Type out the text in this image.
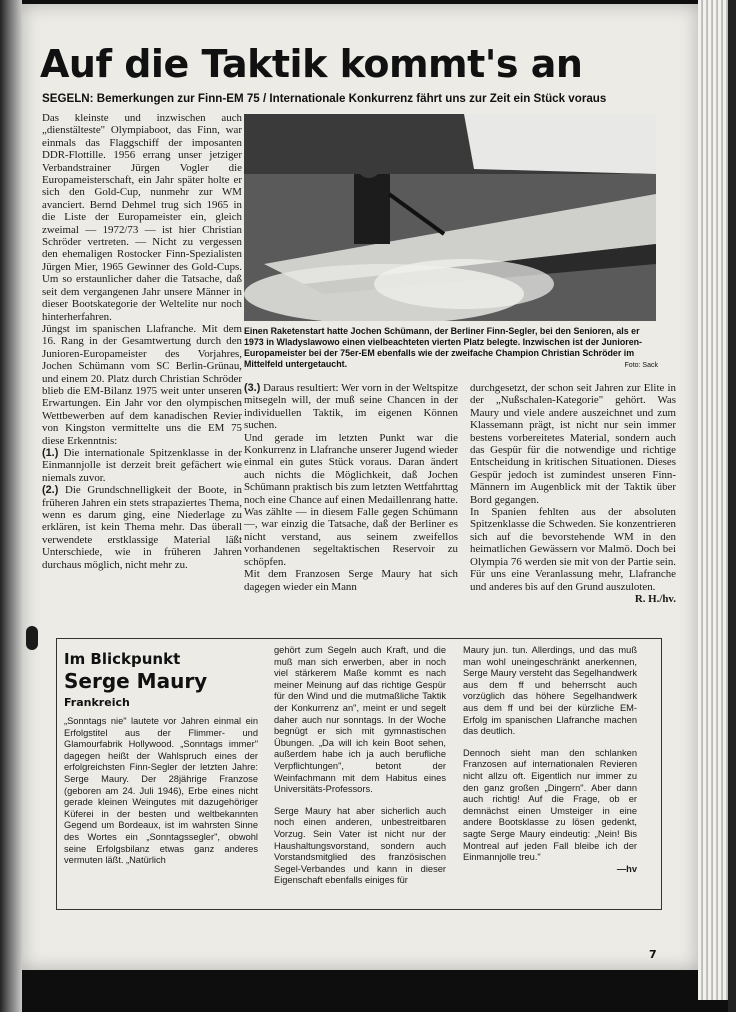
Auf die Taktik kommt's an
SEGELN: Bemerkungen zur Finn-EM 75 / Internationale Konkurrenz fährt uns zur Zeit ein Stück voraus

Das kleinste und inzwischen auch „dienstälteste" Olympiaboot, das Finn, war einmals das Flaggschiff der imposanten DDR-Flottille. 1956 errang unser jetziger Verbandstrainer Jürgen Vogler die Europameisterschaft, ein Jahr später holte er sich den Gold-Cup, nunmehr zur WM avanciert. Bernd Dehmel trug sich 1965 in die Liste der Europameister ein, gleich zweimal — 1972/73 — ist hier Christian Schröder vertreten. — Nicht zu vergessen den ehemaligen Rostocker Finn-Spezialisten Jürgen Mier, 1965 Gewinner des Gold-Cups. Um so erstaunlicher daher die Tatsache, daß seit dem vergangenen Jahr unsere Männer in dieser Bootskategorie der Weltelite nur noch hinterherfahren.

Jüngst im spanischen Llafranche. Mit dem 16. Rang in der Gesamtwertung durch den Junioren-Europameister des Vorjahres, Jochen Schümann vom SC Berlin-Grünau, und einem 20. Platz durch Christian Schröder blieb die EM-Bilanz 1975 weit unter unseren Erwartungen. Ein Jahr vor den olympischen Wettbewerben auf dem kanadischen Revier von Kingston vermittelte uns die EM 75 diese Erkenntnis:

(1.) Die internationale Spitzenklasse in der Einmannjolle ist derzeit breit gefächert wie niemals zuvor.

(2.) Die Grundschnelligkeit der Boote, in früheren Jahren ein stets strapaziertes Thema, wenn es darum ging, eine Niederlage zu erklären, ist kein Thema mehr. Das überall verwendete erstklassige Material läßt Unterschiede, wie in früheren Jahren durchaus möglich, nicht mehr zu.

Einen Raketenstart hatte Jochen Schümann, der Berliner Finn-Segler, bei den Senioren, als er 1973 in Wladyslawowo einen vielbeachteten vierten Platz belegte. Inzwischen ist der Junioren-Europameister bei der 75er-EM ebenfalls wie der zweifache Champion Christian Schröder im Mittelfeld untergetaucht.	Foto: Sack

(3.) Daraus resultiert: Wer vorn in der Weltspitze mitsegeln will, der muß seine Chancen in der individuellen Taktik, im eigenen Können suchen.

Und gerade im letzten Punkt war die Konkurrenz in Llafranche unserer Jugend wieder einmal ein gutes Stück voraus. Daran ändert auch nichts die Möglichkeit, daß Jochen Schümann praktisch bis zum letzten Wettfahrttag noch eine Chance auf einen Medaillenrang hatte. Was zählte — in diesem Falle gegen Schümann —, war einzig die Tatsache, daß der Berliner es nicht verstand, aus seinem zweifellos vorhandenen segeltaktischen Reservoir zu schöpfen.

Mit dem Franzosen Serge Maury hat sich dagegen wieder ein Mann

durchgesetzt, der schon seit Jahren zur Elite in der „Nußschalen-Kategorie" gehört. Was Maury und viele andere auszeichnet und zum Klassemann prägt, ist nicht nur sein immer bestens vorbereitetes Material, sondern auch das Gespür für die notwendige und richtige Entscheidung in kritischen Situationen. Dieses Gespür jedoch ist zumindest unseren Finn-Männern im Augenblick mit der Taktik über Bord gegangen.

In Spanien fehlten aus der absoluten Spitzenklasse die Schweden. Sie konzentrieren sich auf die bevorstehende WM in den heimatlichen Gewässern vor Malmö. Doch bei Olympia 76 werden sie mit von der Partie sein. Für uns eine Veranlassung mehr, Llafranche und anderes bis auf den Grund auszuloten.

R. H./hv.

Im Blickpunkt
Serge Maury
Frankreich

„Sonntags nie" lautete vor Jahren einmal ein Erfolgstitel aus der Flimmer- und Glamourfabrik Hollywood. „Sonntags immer" dagegen heißt der Wahlspruch eines der erfolgreichsten Finn-Segler der letzten Jahre: Serge Maury. Der 28jährige Franzose (geboren am 24. Juli 1946), Erbe eines nicht gerade kleinen Weingutes mit dazugehöriger Küferei in der besten und weltbekannten Gegend um Bordeaux, ist im wahrsten Sinne des Wortes ein „Sonntagssegler", obwohl seine Erfolgsbilanz etwas ganz anderes vermuten läßt. „Natürlich

gehört zum Segeln auch Kraft, und die muß man sich erwerben, aber in noch viel stärkerem Maße kommt es nach meiner Meinung auf das richtige Gespür für den Wind und die mutmaßliche Taktik der Konkurrenz an", meint er und segelt daher auch nur sonntags. In der Woche begnügt er sich mit gymnastischen Übungen. „Da will ich kein Boot sehen, außerdem habe ich ja auch berufliche Verpflichtungen", betont der Weinfachmann mit dem Habitus eines Universitäts-Professors.

Serge Maury hat aber sicherlich auch noch einen anderen, unbestreitbaren Vorzug. Sein Vater ist nicht nur der Haushaltungsvorstand, sondern auch Vorstandsmitglied des französischen Segel-Verbandes und kann in dieser Eigenschaft ebenfalls einiges für

Maury jun. tun. Allerdings, und das muß man wohl uneingeschränkt anerkennen, Serge Maury versteht das Segelhandwerk aus dem ff und beherrscht auch vorzüglich das höhere Segelhandwerk aus dem ff und bei der kürzliche EM-Erfolg im spanischen Llafranche machen das deutlich.

Dennoch sieht man den schlanken Franzosen auf internationalen Revieren nicht allzu oft. Eigentlich nur immer zu den ganz großen „Dingern". Aber dann auch richtig! Auf die Frage, ob er demnächst einen Umsteiger in eine andere Bootsklasse zu lösen gedenkt, sagte Serge Maury eindeutig: „Nein! Bis Montreal auf jeden Fall bleibe ich der Einmannjolle treu."

—hv

7
